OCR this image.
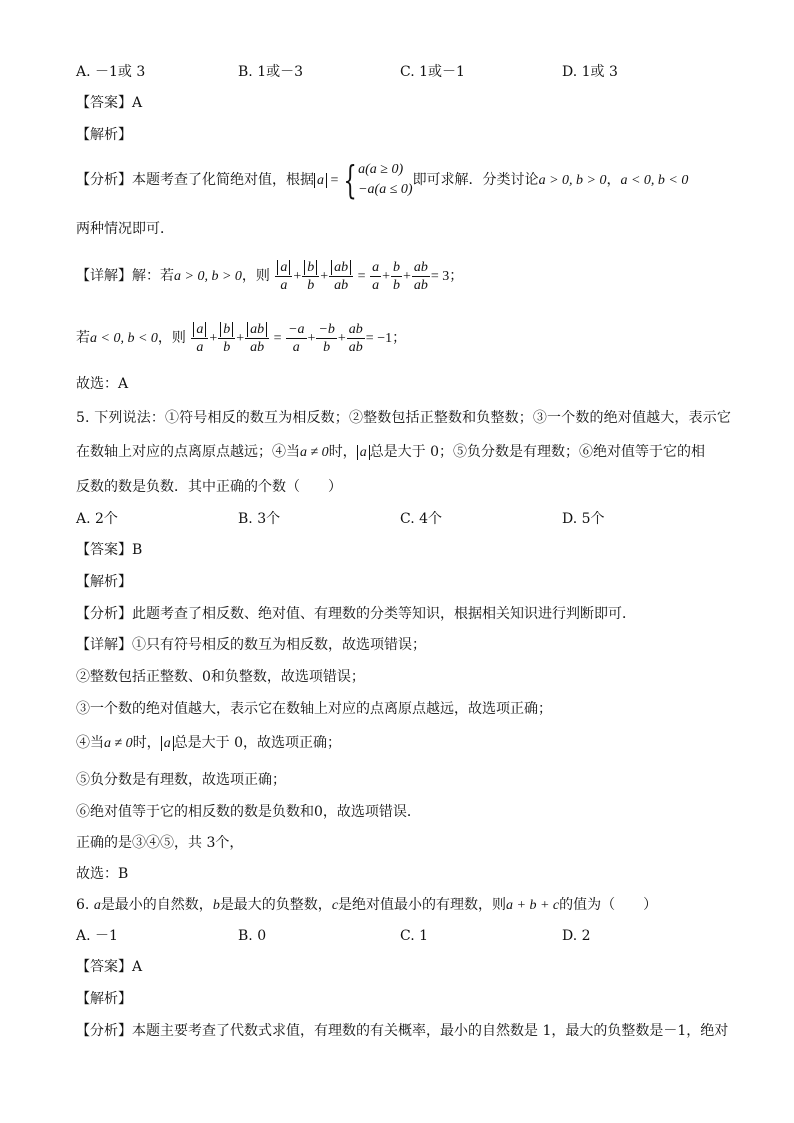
A. －1或 3	B. 1或－3	C. 1或－1	D. 1或 3
【答案】A
【解析】
【分析】本题考查了化简绝对值，根据 a = { a(a ≥ 0)
−a(a ≤ 0)
即可求解．分类讨论a > 0, b > 0，a < 0, b < 0
两种情况即可．
【详解】解：若a > 0, b > 0，则 $\frac{a}{a} + \frac{b}{b} + \frac{ab}{ab} = \frac{a}{a} + \frac{b}{b} + \frac{ab}{ab} = 3$；
若a < 0, b < 0，则 $\frac{a}{a} + \frac{b}{b} + \frac{ab}{ab} = \frac{-a}{a} + \frac{-b}{b} + \frac{ab}{ab} = -1$；
故选：A
5. 下列说法：①符号相反的数互为相反数；②整数包括正整数和负整数；③一个数的绝对值越大，表示它
在数轴上对应的点离原点越远；④当a ≠ 0时， a 总是大于 0；⑤负分数是有理数；⑥绝对值等于它的相
反数的数是负数．其中正确的个数（　　）
A. 2个	B. 3个	C. 4个	D. 5个
【答案】B
【解析】
【分析】此题考查了相反数、绝对值、有理数的分类等知识，根据相关知识进行判断即可．
【详解】①只有符号相反的数互为相反数，故选项错误；
②整数包括正整数、0和负整数，故选项错误；
③一个数的绝对值越大，表示它在数轴上对应的点离原点越远，故选项正确；
④当a ≠ 0时， a 总是大于 0，故选项正确；
⑤负分数是有理数，故选项正确；
⑥绝对值等于它的相反数的数是负数和0，故选项错误．
正确的是③④⑤，共 3个，
故选：B
6. a是最小的自然数，b是最大的负整数，c是绝对值最小的有理数，则a + b + c的值为（　　）
A. －1	B. 0	C. 1	D. 2
【答案】A
【解析】
【分析】本题主要考查了代数式求值，有理数的有关概率，最小的自然数是 1，最大的负整数是－1，绝对
